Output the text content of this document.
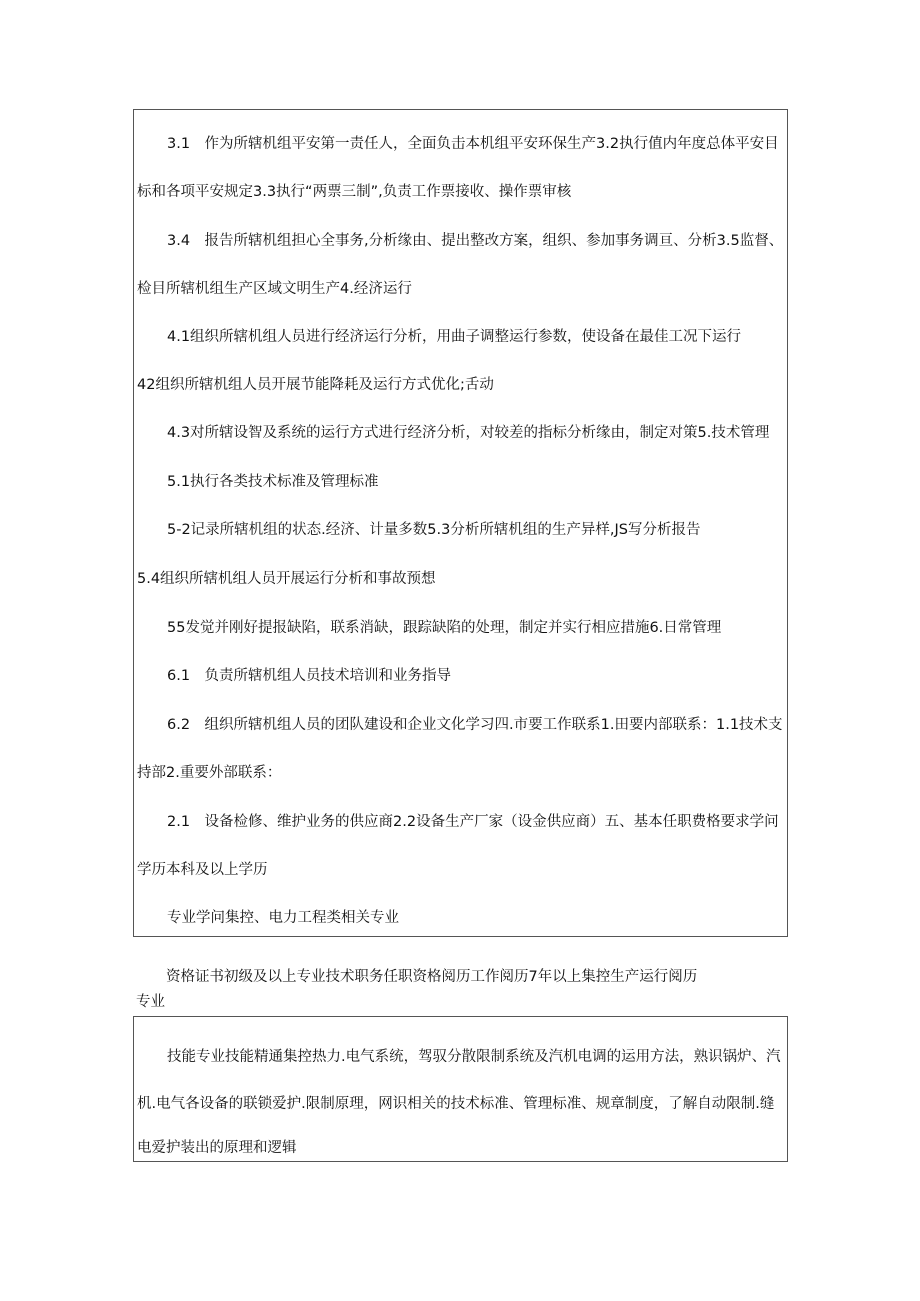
3.1　作为所辖机组平安第一责任人，全面负击本机组平安环保生产3.2执行值内年度总体平安目
标和各项平安规定3.3执行“两票三制”,负责工作票接收、操作票审核
3.4　报告所辖机组担心全事务,分析缘由、提出整改方案，组织、参加事务调亘、分析3.5监督、
检目所辖机组生产区域文明生产4.经济运行
4.1组织所辖机组人员进行经济运行分析，用曲子调整运行参数，使设备在最佳工况下运行
42组织所辖机组人员开展节能降耗及运行方式优化;舌动
4.3对所辖设智及系统的运行方式进行经济分析，对较差的指标分析缘由，制定对策5.技术管理
5.1执行各类技术标准及管理标准
5-2记录所辖机组的状态.经济、计量多数5.3分析所辖机组的生产异样,JS写分析报告
5.4组织所辖机组人员开展运行分析和事故预想
55发觉并刚好提报缺陷，联系消缺，跟踪缺陷的处理，制定并实行相应措施6.日常管理
6.1　负责所辖机组人员技术培训和业务指导
6.2　组织所辖机组人员的团队建设和企业文化学习四.市要工作联系1.田要内部联系：1.1技术支
持部2.重要外部联系：
2.1　设备检修、维护业务的供应商2.2设备生产厂家（设金供应商）五、基本任职费格要求学问
学历本科及以上学历
专业学问集控、电力工程类相关专业
资格证书初级及以上专业技术职务任职资格阅历工作阅历7年以上集控生产运行阅历
专业
技能专业技能精通集控热力.电气系统，驾驭分散限制系统及汽机电调的运用方法，熟识锅炉、汽
机.电气各设备的联锁爱护.限制原理，网识相关的技术标准、管理标准、规章制度，了解自动限制.缝
电爱护装出的原理和逻辑
